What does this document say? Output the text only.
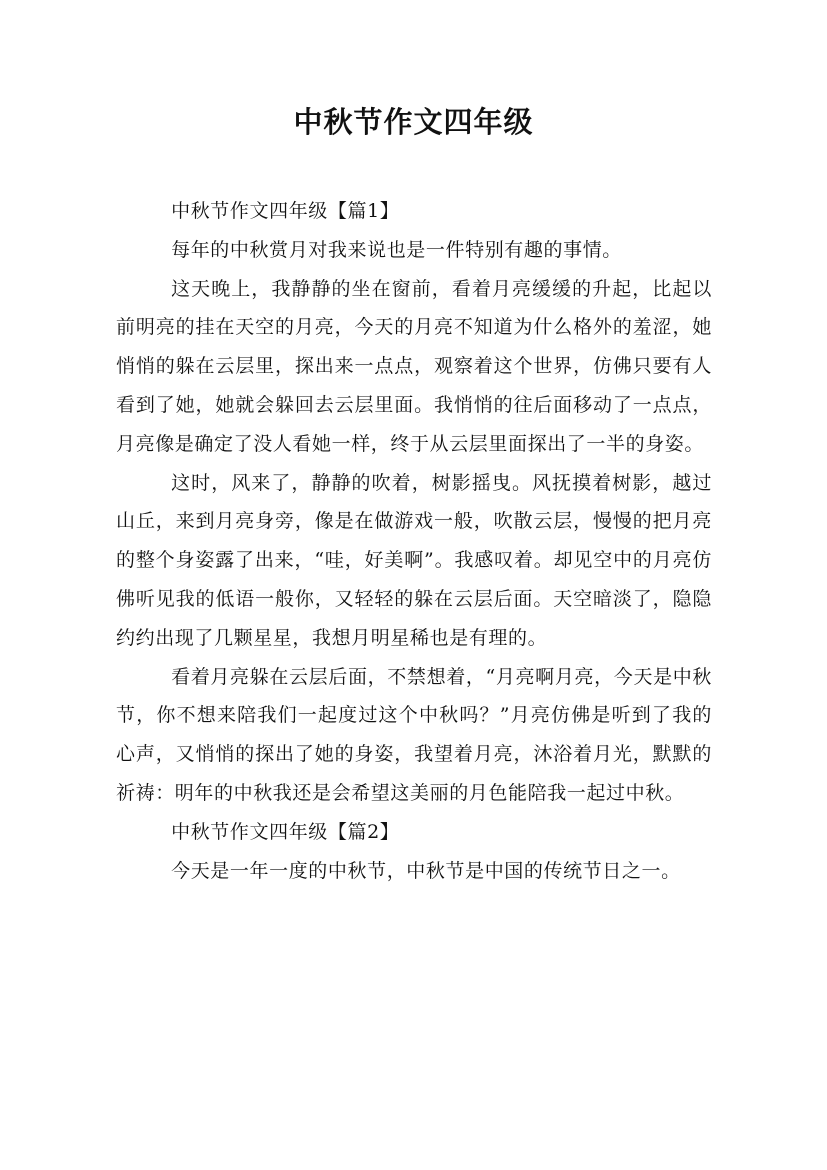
中秋节作文四年级

中秋节作文四年级【篇1】

每年的中秋赏月对我来说也是一件特别有趣的事情。

这天晚上，我静静的坐在窗前，看着月亮缓缓的升起，比起以前明亮的挂在天空的月亮，今天的月亮不知道为什么格外的羞涩，她悄悄的躲在云层里，探出来一点点，观察着这个世界，仿佛只要有人看到了她，她就会躲回去云层里面。我悄悄的往后面移动了一点点，月亮像是确定了没人看她一样，终于从云层里面探出了一半的身姿。

这时，风来了，静静的吹着，树影摇曳。风抚摸着树影，越过山丘，来到月亮身旁，像是在做游戏一般，吹散云层，慢慢的把月亮的整个身姿露了出来，“哇，好美啊”。我感叹着。却见空中的月亮仿佛听见我的低语一般你，又轻轻的躲在云层后面。天空暗淡了，隐隐约约出现了几颗星星，我想月明星稀也是有理的。

看着月亮躲在云层后面，不禁想着，“月亮啊月亮，今天是中秋节，你不想来陪我们一起度过这个中秋吗？”月亮仿佛是听到了我的心声，又悄悄的探出了她的身姿，我望着月亮，沐浴着月光，默默的祈祷：明年的中秋我还是会希望这美丽的月色能陪我一起过中秋。

中秋节作文四年级【篇2】

今天是一年一度的中秋节，中秋节是中国的传统节日之一。
